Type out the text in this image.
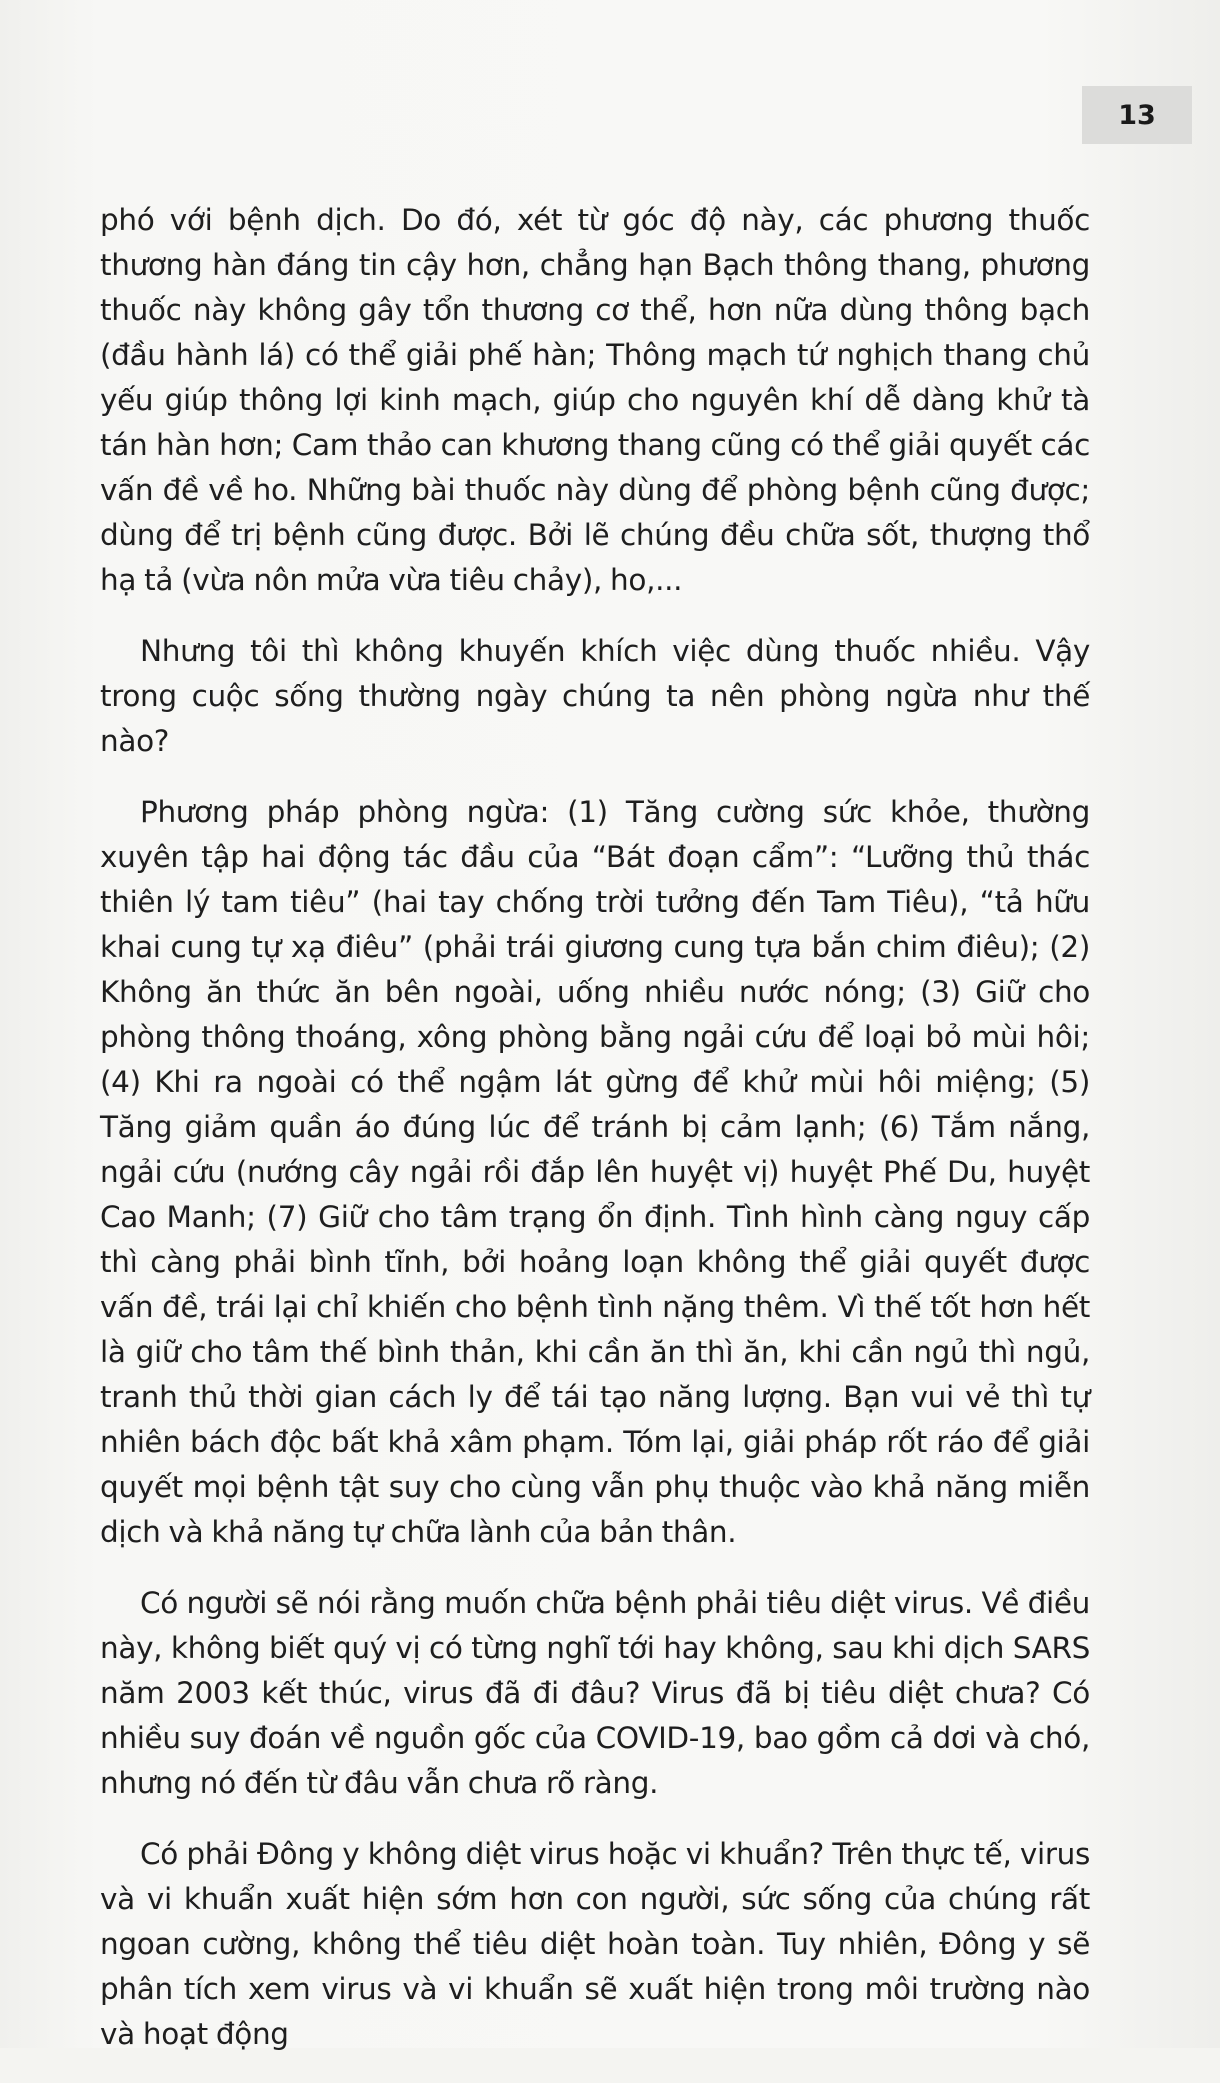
13

phó với bệnh dịch. Do đó, xét từ góc độ này, các phương thuốc thương hàn đáng tin cậy hơn, chẳng hạn Bạch thông thang, phương thuốc này không gây tổn thương cơ thể, hơn nữa dùng thông bạch (đầu hành lá) có thể giải phế hàn; Thông mạch tứ nghịch thang chủ yếu giúp thông lợi kinh mạch, giúp cho nguyên khí dễ dàng khử tà tán hàn hơn; Cam thảo can khương thang cũng có thể giải quyết các vấn đề về ho. Những bài thuốc này dùng để phòng bệnh cũng được; dùng để trị bệnh cũng được. Bởi lẽ chúng đều chữa sốt, thượng thổ hạ tả (vừa nôn mửa vừa tiêu chảy), ho,...

Nhưng tôi thì không khuyến khích việc dùng thuốc nhiều. Vậy trong cuộc sống thường ngày chúng ta nên phòng ngừa như thế nào?

Phương pháp phòng ngừa: (1) Tăng cường sức khỏe, thường xuyên tập hai động tác đầu của “Bát đoạn cẩm”: “Lưỡng thủ thác thiên lý tam tiêu” (hai tay chống trời tưởng đến Tam Tiêu), “tả hữu khai cung tự xạ điêu” (phải trái giương cung tựa bắn chim điêu); (2) Không ăn thức ăn bên ngoài, uống nhiều nước nóng; (3) Giữ cho phòng thông thoáng, xông phòng bằng ngải cứu để loại bỏ mùi hôi; (4) Khi ra ngoài có thể ngậm lát gừng để khử mùi hôi miệng; (5) Tăng giảm quần áo đúng lúc để tránh bị cảm lạnh; (6) Tắm nắng, ngải cứu (nướng cây ngải rồi đắp lên huyệt vị) huyệt Phế Du, huyệt Cao Manh; (7) Giữ cho tâm trạng ổn định. Tình hình càng nguy cấp thì càng phải bình tĩnh, bởi hoảng loạn không thể giải quyết được vấn đề, trái lại chỉ khiến cho bệnh tình nặng thêm. Vì thế tốt hơn hết là giữ cho tâm thế bình thản, khi cần ăn thì ăn, khi cần ngủ thì ngủ, tranh thủ thời gian cách ly để tái tạo năng lượng. Bạn vui vẻ thì tự nhiên bách độc bất khả xâm phạm. Tóm lại, giải pháp rốt ráo để giải quyết mọi bệnh tật suy cho cùng vẫn phụ thuộc vào khả năng miễn dịch và khả năng tự chữa lành của bản thân.

Có người sẽ nói rằng muốn chữa bệnh phải tiêu diệt virus. Về điều này, không biết quý vị có từng nghĩ tới hay không, sau khi dịch SARS năm 2003 kết thúc, virus đã đi đâu? Virus đã bị tiêu diệt chưa? Có nhiều suy đoán về nguồn gốc của COVID-19, bao gồm cả dơi và chó, nhưng nó đến từ đâu vẫn chưa rõ ràng.

Có phải Đông y không diệt virus hoặc vi khuẩn? Trên thực tế, virus và vi khuẩn xuất hiện sớm hơn con người, sức sống của chúng rất ngoan cường, không thể tiêu diệt hoàn toàn. Tuy nhiên, Đông y sẽ phân tích xem virus và vi khuẩn sẽ xuất hiện trong môi trường nào và hoạt động
